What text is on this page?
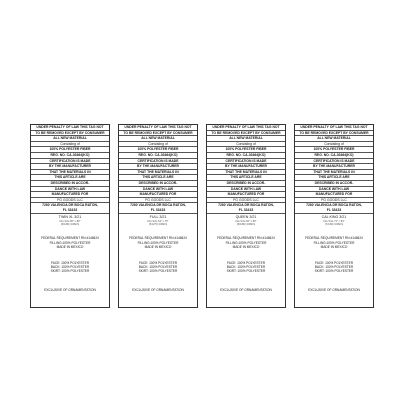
UNDER PENALTY OF LAW THIS TAG NOT
TO BE REMOVED EXCEPT BY CONSUMER
ALL NEW MATERIAL
Consisting of
100% POLYESTER FIBER
REG. NO. CA-30464(KO)
CERTIFICATION IS MADE
BY THE MANUFACTURER
THAT THE MATERIALS IN
THIS ARTICLE ARE
DESCRIBED IN ACCOR-
DANCE WITH LAW
MANUFACTURED FOR
PG GOODS LLC
7260 VALENCIA DR BOCA RATON,
FL 33433
TWIN XL 3/21
Fits Size 80" x 80"
(60x80) 3/28/21
FEDERAL REQUIREMENT RN #146624
FILLING:100% POLYESTER
MADE IN MEXICO
FACE: 100% POLYESTER
BACK: 100% POLYESTER
SKIRT: 100% POLYESTER
EXCLUSIVE OF ORNAMENTATION
UNDER PENALTY OF LAW THIS TAG NOT
TO BE REMOVED EXCEPT BY CONSUMER
ALL NEW MATERIAL
Consisting of
100% POLYESTER FIBER
REG. NO. CA-30464(KO)
CERTIFICATION IS MADE
BY THE MANUFACTURER
THAT THE MATERIALS IN
THIS ARTICLE ARE
DESCRIBED IN ACCOR-
DANCE WITH LAW
MANUFACTURED FOR
PG GOODS LLC
7260 VALENCIA DR BOCA RATON,
FL 33433
FULL 3/21
Fits Size 54" x 75"
(54x75) 3/28/21
FEDERAL REQUIREMENT RN #146624
FILLING:100% POLYESTER
MADE IN MEXICO
FACE: 100% POLYESTER
BACK: 100% POLYESTER
SKIRT: 100% POLYESTER
EXCLUSIVE OF ORNAMENTATION
UNDER PENALTY OF LAW THIS TAG NOT
TO BE REMOVED EXCEPT BY CONSUMER
ALL NEW MATERIAL
Consisting of
100% POLYESTER FIBER
REG. NO. CA-30464(KO)
CERTIFICATION IS MADE
BY THE MANUFACTURER
THAT THE MATERIALS IN
THIS ARTICLE ARE
DESCRIBED IN ACCOR-
DANCE WITH LAW
MANUFACTURED FOR
PG GOODS LLC
7260 VALENCIA DR BOCA RATON,
FL 33433
QUEEN 3/21
Fits Size 60" x 80"
(60x80) 3/28/21
FEDERAL REQUIREMENT RN #146624
FILLING:100% POLYESTER
MADE IN MEXICO
FACE: 100% POLYESTER
BACK: 100% POLYESTER
SKIRT: 100% POLYESTER
EXCLUSIVE OF ORNAMENTATION
UNDER PENALTY OF LAW THIS TAG NOT
TO BE REMOVED EXCEPT BY CONSUMER
ALL NEW MATERIAL
Consisting of
100% POLYESTER FIBER
REG. NO. CA-30464(KO)
CERTIFICATION IS MADE
BY THE MANUFACTURER
THAT THE MATERIALS IN
THIS ARTICLE ARE
DESCRIBED IN ACCOR-
DANCE WITH LAW
MANUFACTURED FOR
PG GOODS LLC
7260 VALENCIA DR BOCA RATON,
FL 33433
CAL KING 3/21
Fits Size 72" x 84"
(72x84) 3/28/21
FEDERAL REQUIREMENT RN #146624
FILLING:100% POLYESTER
MADE IN MEXICO
FACE: 100% POLYESTER
BACK: 100% POLYESTER
SKIRT: 100% POLYESTER
EXCLUSIVE OF ORNAMENTATION
